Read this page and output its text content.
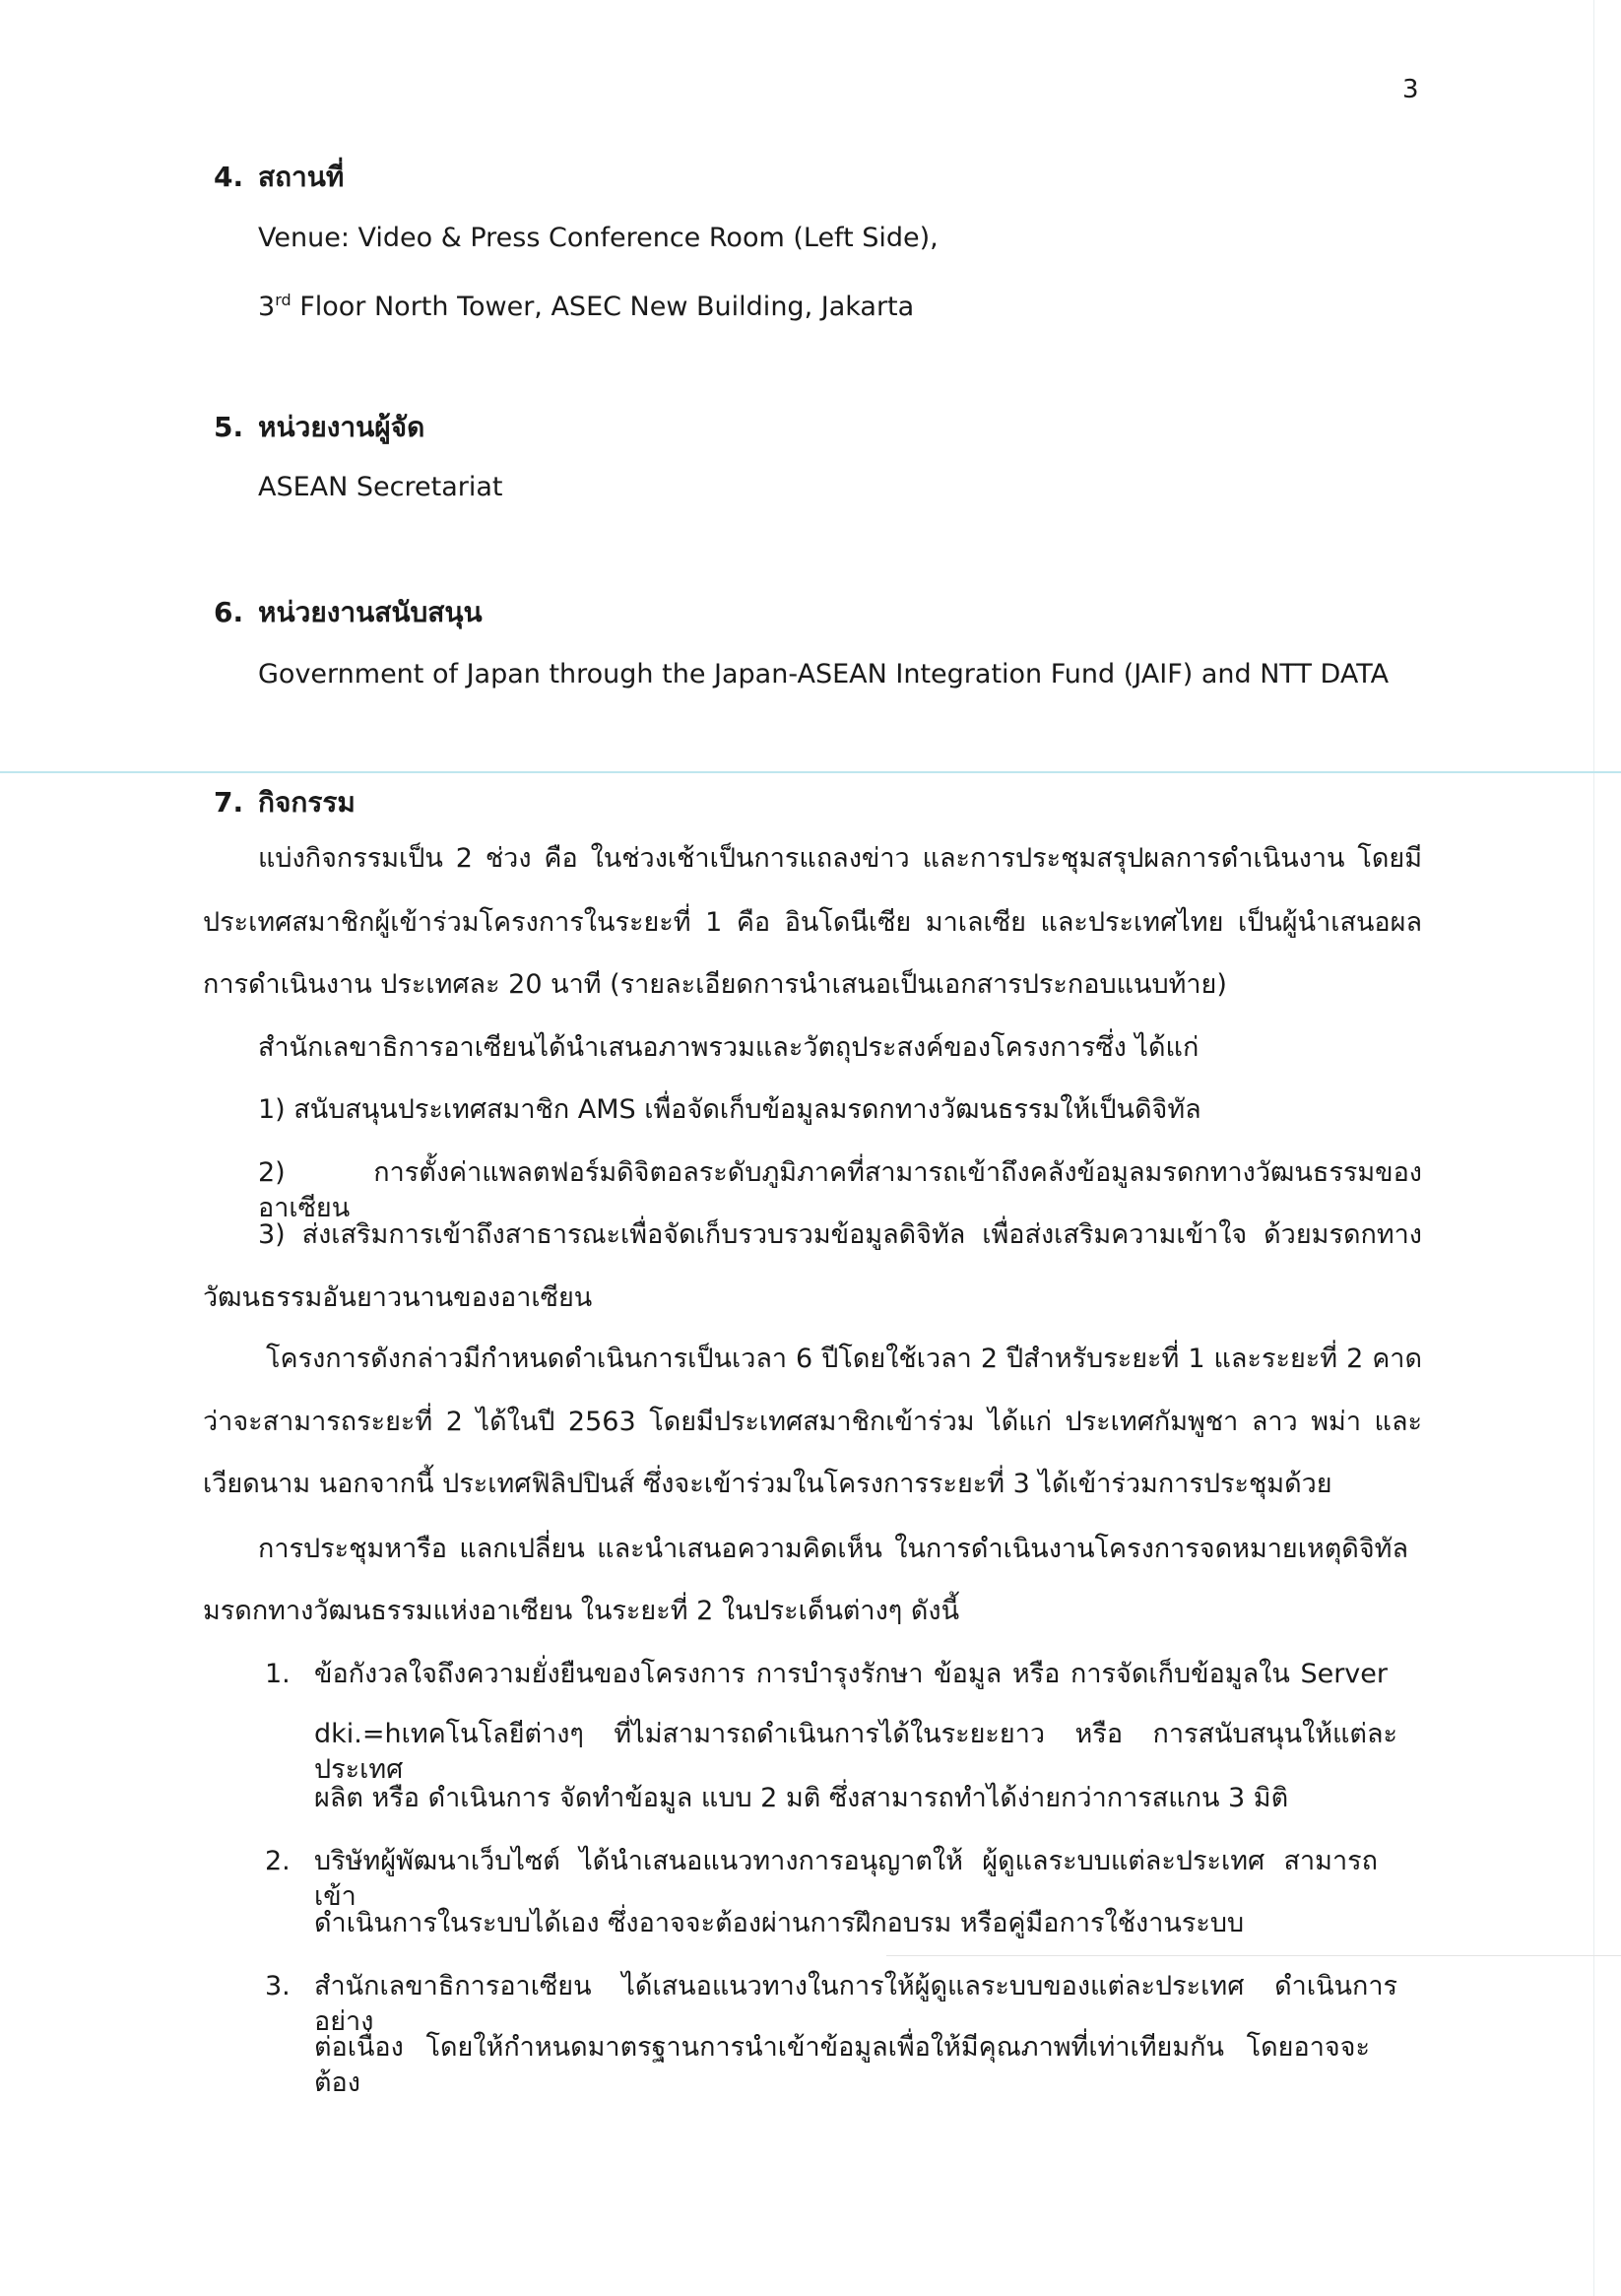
3
4. สถานที่
Venue: Video & Press Conference Room (Left Side),
3rd Floor North Tower, ASEC New Building, Jakarta
5. หน่วยงานผู้จัด
ASEAN Secretariat
6. หน่วยงานสนับสนุน
Government of Japan through the Japan-ASEAN Integration Fund (JAIF) and NTT DATA
7. กิจกรรม
แบ่งกิจกรรมเป็น 2 ช่วง คือ ในช่วงเช้าเป็นการแถลงข่าว และการประชุมสรุปผลการดำเนินงาน โดยมี
ประเทศสมาชิกผู้เข้าร่วมโครงการในระยะที่ 1 คือ อินโดนีเซีย มาเลเซีย และประเทศไทย เป็นผู้นำเสนอผล
การดำเนินงาน ประเทศละ 20 นาที (รายละเอียดการนำเสนอเป็นเอกสารประกอบแนบท้าย)
สำนักเลขาธิการอาเซียนได้นำเสนอภาพรวมและวัตถุประสงค์ของโครงการซึ่ง ได้แก่
1) สนับสนุนประเทศสมาชิก AMS เพื่อจัดเก็บข้อมูลมรดกทางวัฒนธรรมให้เป็นดิจิทัล
2) การตั้งค่าแพลตฟอร์มดิจิตอลระดับภูมิภาคที่สามารถเข้าถึงคลังข้อมูลมรดกทางวัฒนธรรมของอาเซียน
3) ส่งเสริมการเข้าถึงสาธารณะเพื่อจัดเก็บรวบรวมข้อมูลดิจิทัล เพื่อส่งเสริมความเข้าใจ ด้วยมรดกทาง
วัฒนธรรมอันยาวนานของอาเซียน
โครงการดังกล่าวมีกำหนดดำเนินการเป็นเวลา 6 ปีโดยใช้เวลา 2 ปีสำหรับระยะที่ 1 และระยะที่ 2 คาด
ว่าจะสามารถระยะที่ 2 ได้ในปี 2563 โดยมีประเทศสมาชิกเข้าร่วม ได้แก่ ประเทศกัมพูชา ลาว พม่า และ
เวียดนาม นอกจากนี้ ประเทศฟิลิปปินส์ ซึ่งจะเข้าร่วมในโครงการระยะที่ 3 ได้เข้าร่วมการประชุมด้วย
การประชุมหารือ แลกเปลี่ยน และนำเสนอความคิดเห็น ในการดำเนินงานโครงการจดหมายเหตุดิจิทัล
มรดกทางวัฒนธรรมแห่งอาเซียน ในระยะที่ 2 ในประเด็นต่างๆ ดังนี้
1. ข้อกังวลใจถึงความยั่งยืนของโครงการ การบำรุงรักษา ข้อมูล หรือ การจัดเก็บข้อมูลใน Server
dki.=hเทคโนโลยีต่างๆ ที่ไม่สามารถดำเนินการได้ในระยะยาว หรือ การสนับสนุนให้แต่ละประเทศ
ผลิต หรือ ดำเนินการ จัดทำข้อมูล แบบ 2 มติ ซึ่งสามารถทำได้ง่ายกว่าการสแกน 3 มิติ
2. บริษัทผู้พัฒนาเว็บไซต์ ได้นำเสนอแนวทางการอนุญาตให้ ผู้ดูแลระบบแต่ละประเทศ สามารถเข้า
ดำเนินการในระบบได้เอง ซึ่งอาจจะต้องผ่านการฝึกอบรม หรือคู่มือการใช้งานระบบ
3. สำนักเลขาธิการอาเซียน ได้เสนอแนวทางในการให้ผู้ดูแลระบบของแต่ละประเทศ ดำเนินการอย่าง
ต่อเนื่อง โดยให้กำหนดมาตรฐานการนำเข้าข้อมูลเพื่อให้มีคุณภาพที่เท่าเทียมกัน โดยอาจจะต้อง
